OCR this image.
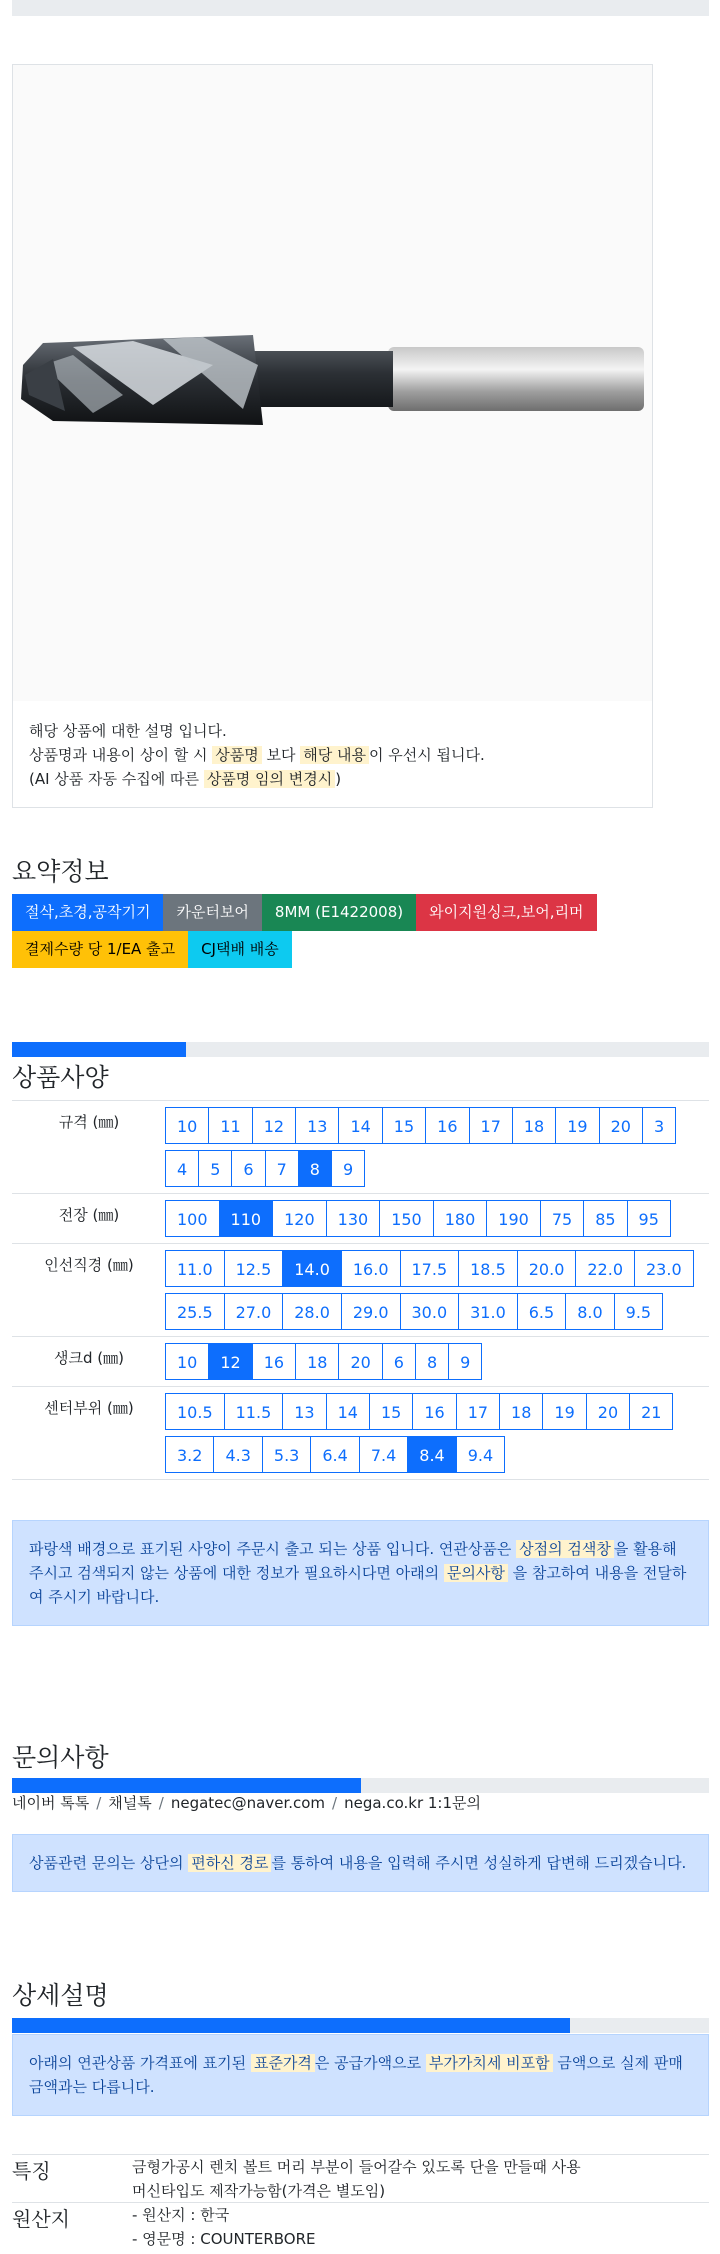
해당 상품에 대한 설명 입니다.
상품명과 내용이 상이 할 시 상품명 보다 해당 내용 이 우선시 됩니다.
(AI 상품 자동 수집에 따른 상품명 임의 변경시 )
요약정보
절삭,초경,공작기기	카운터보어	8MM (E1422008)	와이지원싱크,보어,리머
결제수량 당 1/EA 출고	CJ택배 배송
상품사양
규격 (㎜)	10	11	12	13	14	15	16	17	18	19	20	3
4	5	6	7	8	9
전장 (㎜)	100	110	120	130	150	180	190	75	85	95
인선직경 (㎜)	11.0	12.5	14.0	16.0	17.5	18.5	20.0	22.0	23.0
25.5	27.0	28.0	29.0	30.0	31.0	6.5	8.0	9.5
생크d (㎜)	10	12	16	18	20	6	8	9
센터부위 (㎜)	10.5	11.5	13	14	15	16	17	18	19	20	21
3.2	4.3	5.3	6.4	7.4	8.4	9.4
파랑색 배경으로 표기된 사양이 주문시 출고 되는 상품 입니다. 연관상품은 상점의 검색창 을 활용해 주시고 검색되지 않는 상품에 대한 정보가 필요하시다면 아래의 문의사항 을 참고하여 내용을 전달하여 주시기 바랍니다.
문의사항
네이버 톡톡 / 채널톡 / negatec@naver.com / nega.co.kr 1:1문의
상품관련 문의는 상단의 편하신 경로 를 통하여 내용을 입력해 주시면 성실하게 답변해 드리겠습니다.
상세설명
아래의 연관상품 가격표에 표기된 표준가격 은 공급가액으로 부가가치세 비포함 금액으로 실제 판매금액과는 다릅니다.
특징	금형가공시 렌치 볼트 머리 부분이 들어갈수 있도록 단을 만들때 사용
머신타입도 제작가능함(가격은 별도임)
원산지	- 원산지 : 한국
- 영문명 : COUNTERBORE
